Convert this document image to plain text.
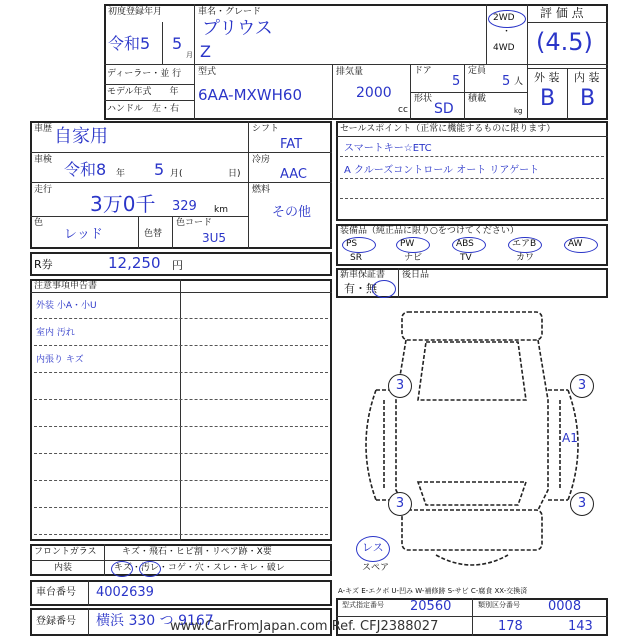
初度登録年月
令和5 5
月
車名・グレード
プリウス
Z
2WD
・
4WD
評 価 点
(4.5)
外 装 内 装
B B
ディーラー・並 行
モデル年式　　年
ハンドル　左・右
型式
6AA-MXWH60
排気量
2000
cc
ドア
5
形状
SD
定員
5 人
積載
kg
車歴 自家用
車検 令和8 年 5 月(	日)
走行
3万0千 329 km
色
レッド	色替
色コード
3U5
シフト
FAT
冷房
AAC
燃料
その他
セールスポイント（正常に機能するものに限ります）
スマートキー☆ETC
A クルーズコントロール オート リアゲート
装備品（純正品に限り○をつけてください）
PS	PW	ABS	エアB	AW
SR	ナビ	TV	カワ
新車保証書
有・無
後日品
R券	12,250 円
注意事項申告書
外装 小A・小U
室内 汚れ
内張り キズ
3	3
3	3
A1
レス
スペア
フロントガラス	キズ・飛石・ヒビ割・リペア跡・X要
内装	キズ・汚レ・コゲ・穴・スレ・キレ・破レ
A-キズ E-エクボ U-凹み W-補修跡 S-サビ C-腐食 XX-交換済
車台番号 4002639
登録番号 横浜 330 つ 9167
型式指定番号 20560	類別区分番号 0008
178	143
www.CarFromJapan.com Ref. CFJ2388027
